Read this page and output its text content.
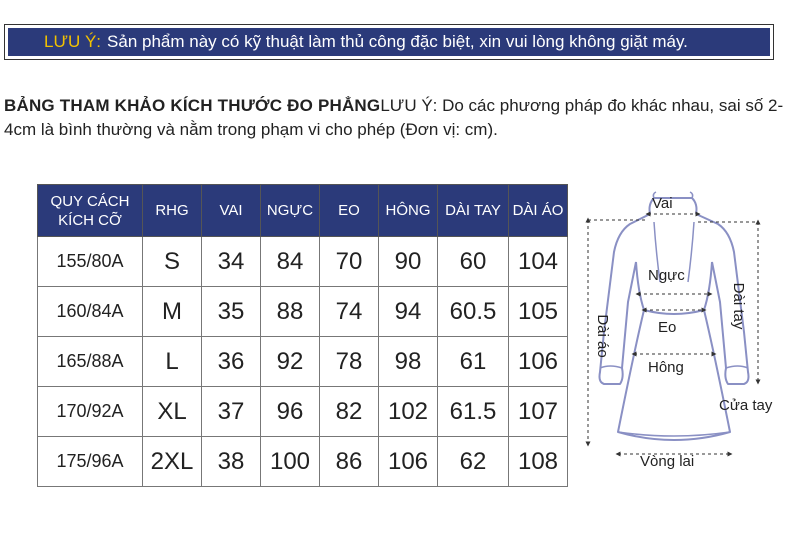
LƯU Ý: Sản phẩm này có kỹ thuật làm thủ công đặc biệt, xin vui lòng không giặt máy.
BẢNG THAM KHẢO KÍCH THƯỚC ĐO PHẲNGLƯU Ý: Do các phương pháp đo khác nhau, sai số 2-4cm là bình thường và nằm trong phạm vi cho phép (Đơn vị: cm).
QUY CÁCH
KÍCH CỠ	RHG	VAI	NGỰC	EO	HÔNG	DÀI TAY	DÀI ÁO

155/80A	S	34	84	70	90	60	104
160/84A	M	35	88	74	94	60.5	105
165/88A	L	36	92	78	98	61	106
170/92A	XL	37	96	82	102	61.5	107
175/96A	2XL	38	100	86	106	62	108
Vai
Ngực
Eo
Hông
Cửa tay
Vòng lai
Dài áo
Dài tay
